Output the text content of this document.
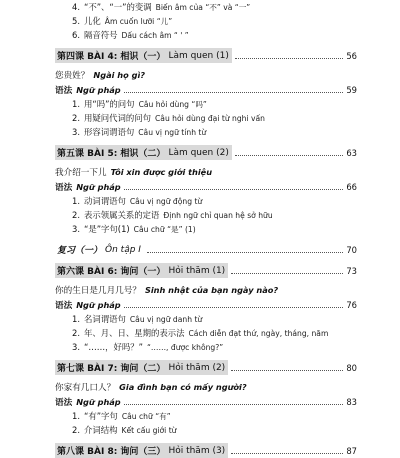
4. “不”、“一”的变调 Biến âm của “不” và “一”
5. 儿化 Âm cuốn lưỡi “儿”
6. 隔音符号 Dấu cách âm “ ' ”
第四课 BÀI 4: 相识（一） Làm quen (1)	56
您贵姓？ Ngài họ gì?
语法 Ngữ pháp	59
1. 用“吗”的问句 Câu hỏi dùng “吗”
2. 用疑问代词的问句 Câu hỏi dùng đại từ nghi vấn
3. 形容词谓语句 Câu vị ngữ tính từ
第五课 BÀI 5: 相识（二） Làm quen (2)	63
我介绍一下儿 Tôi xin được giới thiệu
语法 Ngữ pháp	66
1. 动词谓语句 Câu vị ngữ động từ
2. 表示领属关系的定语 Định ngữ chỉ quan hệ sở hữu
3. “是”字句(1) Câu chữ “是” (1)
复习（一） Ôn tập I	70
第六课 BÀI 6: 询问（一） Hỏi thăm (1)	73
你的生日是几月几号？ Sinh nhật của bạn ngày nào?
语法 Ngữ pháp	76
1. 名词谓语句 Câu vị ngữ danh từ
2. 年、月、日、星期的表示法 Cách diễn đạt thứ, ngày, tháng, năm
3. “……，好吗？” “……, được không?”
第七课 BÀI 7: 询问（二） Hỏi thăm (2)	80
你家有几口人？ Gia đình bạn có mấy người?
语法 Ngữ pháp	83
1. “有”字句 Câu chữ “有”
2. 介词结构 Kết cấu giới từ
第八课 BÀI 8: 询问（三） Hỏi thăm (3)	87
